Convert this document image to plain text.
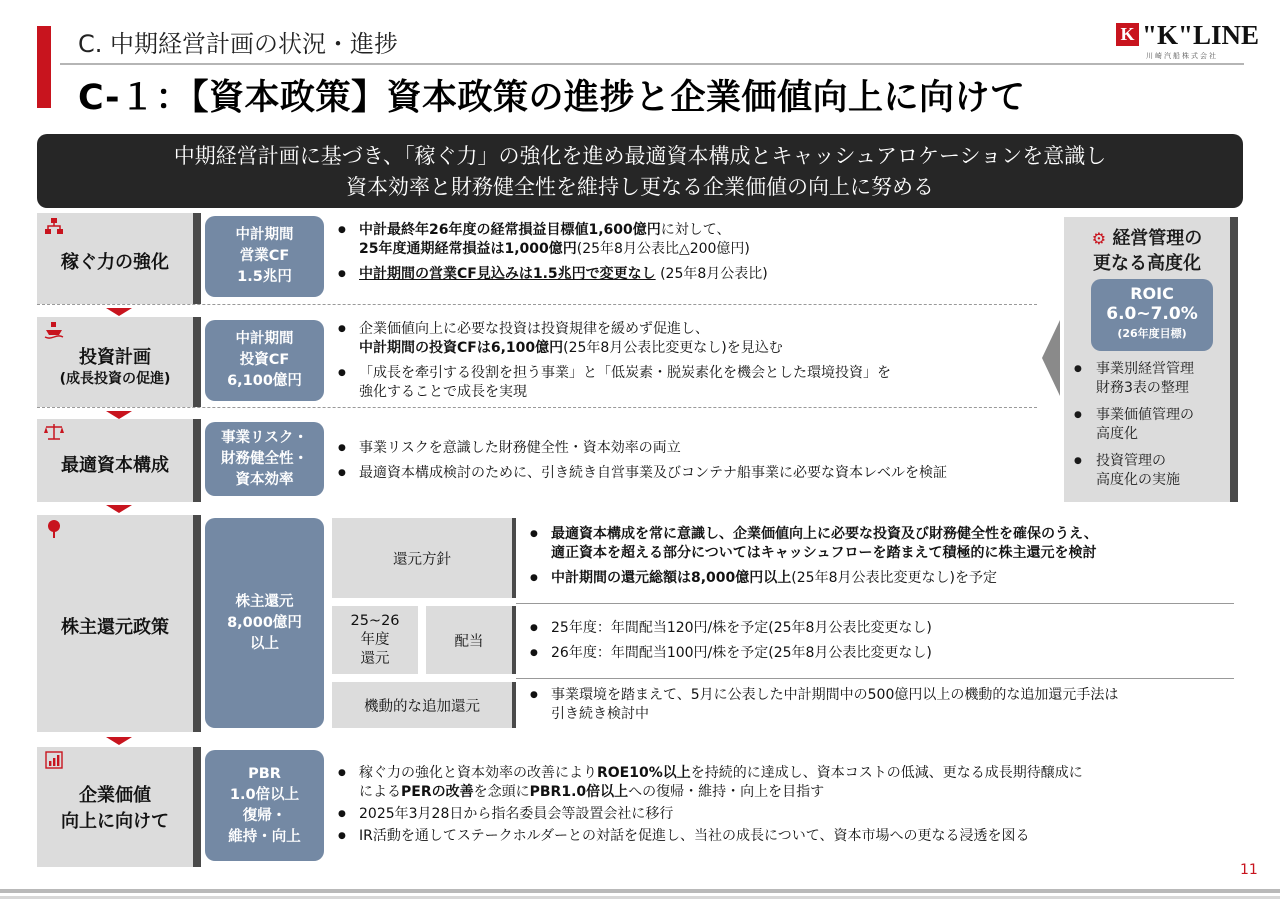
C. 中期経営計画の状況・進捗
C-１：【資本政策】資本政策の進捗と企業価値向上に向けて
K "K"LINE
川崎汽船株式会社
中期経営計画に基づき、「稼ぐ力」の強化を進め最適資本構成とキャッシュアロケーションを意識し
資本効率と財務健全性を維持し更なる企業価値の向上に努める
稼ぐ力の強化
中計期間
営業CF
1.5兆円
● 中計最終年26年度の経常損益目標値1,600億円に対して、
25年度通期経常損益は1,000億円(25年8月公表比△200億円)
● 中計期間の営業CF見込みは1.5兆円で変更なし (25年8月公表比)
投資計画
(成長投資の促進)
中計期間
投資CF
6,100億円
● 企業価値向上に必要な投資は投資規律を緩めず促進し、
中計期間の投資CFは6,100億円(25年8月公表比変更なし)を見込む
● 「成長を牽引する役割を担う事業」と「低炭素・脱炭素化を機会とした環境投資」を
強化することで成長を実現
最適資本構成
事業リスク・
財務健全性・
資本効率
● 事業リスクを意識した財務健全性・資本効率の両立
● 最適資本構成検討のために、引き続き自営事業及びコンテナ船事業に必要な資本レベルを検証
⚙ 経営管理の
更なる高度化
ROIC
6.0~7.0%
(26年度目標)
● 事業別経営管理
財務3表の整理
● 事業価値管理の
高度化
● 投資管理の
高度化の実施
株主還元政策
株主還元
8,000億円
以上
還元方針
● 最適資本構成を常に意識し、企業価値向上に必要な投資及び財務健全性を確保のうえ、
適正資本を超える部分についてはキャッシュフローを踏まえて積極的に株主還元を検討
● 中計期間の還元総額は8,000億円以上(25年8月公表比変更なし)を予定
25~26
年度
還元
配当
● 25年度：年間配当120円/株を予定(25年8月公表比変更なし)
● 26年度：年間配当100円/株を予定(25年8月公表比変更なし)
機動的な追加還元
● 事業環境を踏まえて、5月に公表した中計期間中の500億円以上の機動的な追加還元手法は
引き続き検討中
企業価値
向上に向けて
PBR
1.0倍以上
復帰・
維持・向上
● 稼ぐ力の強化と資本効率の改善によりROE10%以上を持続的に達成し、資本コストの低減、更なる成長期待醸成に
によるPERの改善を念頭にPBR1.0倍以上への復帰・維持・向上を目指す
● 2025年3月28日から指名委員会等設置会社に移行
● IR活動を通してステークホルダーとの対話を促進し、当社の成長について、資本市場への更なる浸透を図る
11
